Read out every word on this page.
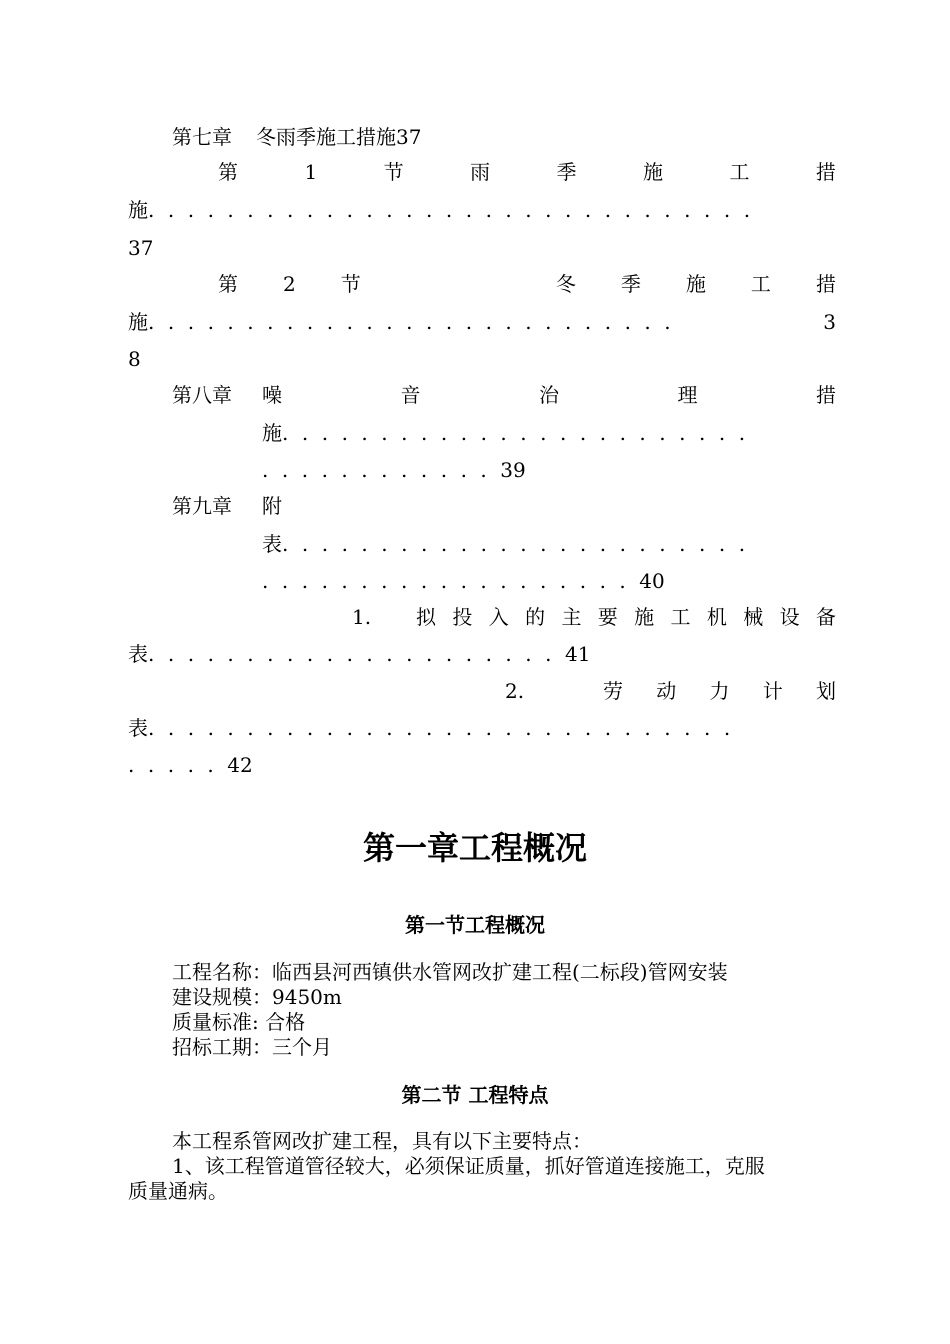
第七章 冬雨季施工措施37
第	1	节	雨	季	施	工	措
施...............................
37
第 2 节	冬 季 施 工 措
施...........................	3
8
第八章 噪	音	治	理	措
施........................
............39
第九章 附
表........................
...................40
1. 拟 投 入 的 主 要 施 工 机 械 设 备
表.....................41
2.	劳 动 力 计 划
表..............................
.....42
第一章工程概况
第一节工程概况
工程名称：临西县河西镇供水管网改扩建工程(二标段)管网安装
建设规模：9450m
质量标准: 合格
招标工期：三个月
第二节 工程特点
本工程系管网改扩建工程，具有以下主要特点：
1、该工程管道管径较大，必须保证质量，抓好管道连接施工，克服
质量通病。
